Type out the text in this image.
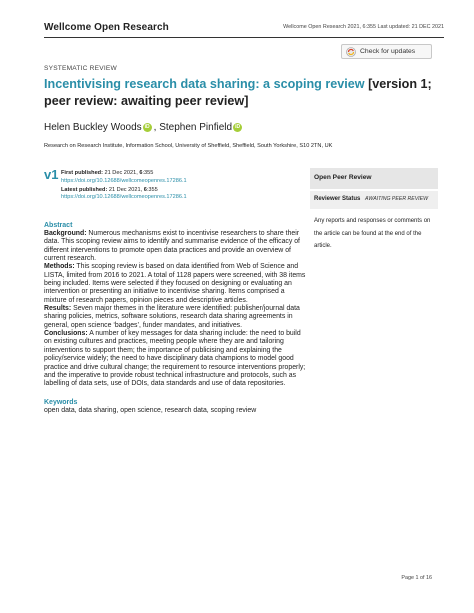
Wellcome Open Research	Wellcome Open Research 2021, 6:355 Last updated: 21 DEC 2021
Check for updates
SYSTEMATIC REVIEW
Incentivising research data sharing: a scoping review [version 1; peer review: awaiting peer review]
Helen Buckley Woods iD , Stephen Pinfield iD
Research on Research Institute, Information School, University of Sheffield, Sheffield, South Yorkshire, S10 2TN, UK
v1 First published: 21 Dec 2021, 6:355
https://doi.org/10.12688/wellcomeopenres.17286.1
Latest published: 21 Dec 2021, 6:355
https://doi.org/10.12688/wellcomeopenres.17286.1
Open Peer Review
Reviewer Status AWAITING PEER REVIEW
Any reports and responses or comments on the article can be found at the end of the article.
Abstract
Background: Numerous mechanisms exist to incentivise researchers to share their data. This scoping review aims to identify and summarise evidence of the efficacy of different interventions to promote open data practices and provide an overview of current research.
Methods: This scoping review is based on data identified from Web of Science and LISTA, limited from 2016 to 2021. A total of 1128 papers were screened, with 38 items being included. Items were selected if they focused on designing or evaluating an intervention or presenting an initiative to incentivise sharing. Items comprised a mixture of research papers, opinion pieces and descriptive articles.
Results: Seven major themes in the literature were identified: publisher/journal data sharing policies, metrics, software solutions, research data sharing agreements in general, open science ‘badges’, funder mandates, and initiatives.
Conclusions: A number of key messages for data sharing include: the need to build on existing cultures and practices, meeting people where they are and tailoring interventions to support them; the importance of publicising and explaining the policy/service widely; the need to have disciplinary data champions to model good practice and drive cultural change; the requirement to resource interventions properly; and the imperative to provide robust technical infrastructure and protocols, such as labelling of data sets, use of DOIs, data standards and use of data repositories.
Keywords
open data, data sharing, open science, research data, scoping review
Page 1 of 16
